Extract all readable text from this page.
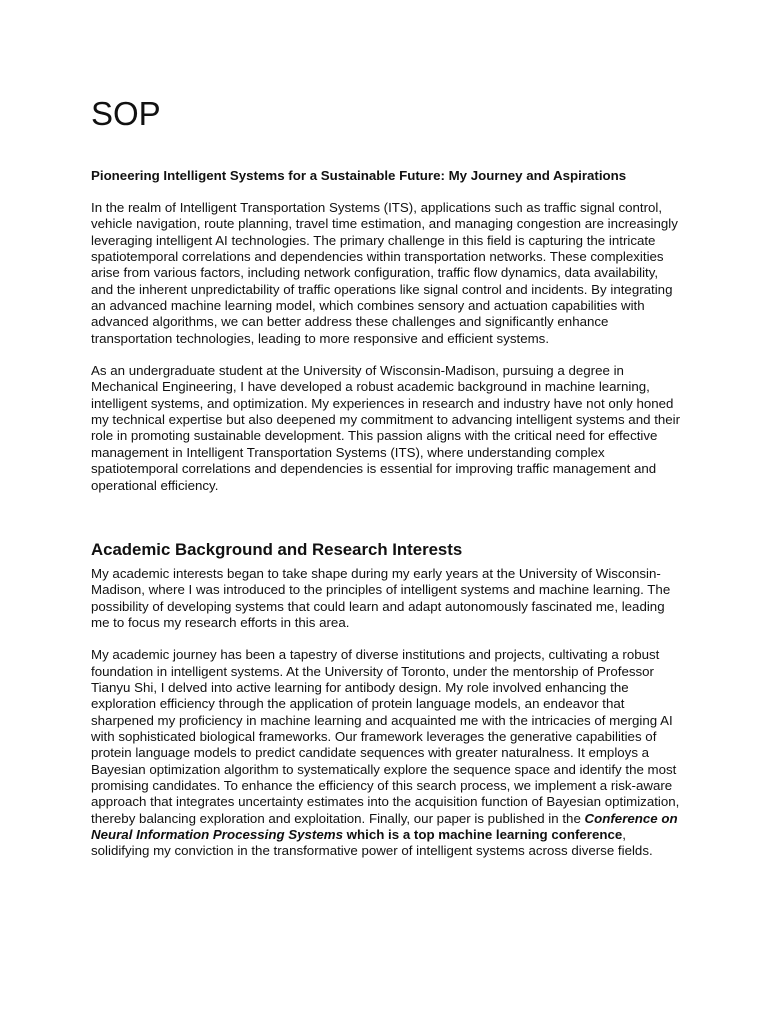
SOP
Pioneering Intelligent Systems for a Sustainable Future: My Journey and Aspirations

In the realm of Intelligent Transportation Systems (ITS), applications such as traffic signal control, vehicle navigation, route planning, travel time estimation, and managing congestion are increasingly leveraging intelligent AI technologies. The primary challenge in this field is capturing the intricate spatiotemporal correlations and dependencies within transportation networks. These complexities arise from various factors, including network configuration, traffic flow dynamics, data availability, and the inherent unpredictability of traffic operations like signal control and incidents. By integrating an advanced machine learning model, which combines sensory and actuation capabilities with advanced algorithms, we can better address these challenges and significantly enhance transportation technologies, leading to more responsive and efficient systems.

As an undergraduate student at the University of Wisconsin-Madison, pursuing a degree in Mechanical Engineering, I have developed a robust academic background in machine learning, intelligent systems, and optimization. My experiences in research and industry have not only honed my technical expertise but also deepened my commitment to advancing intelligent systems and their role in promoting sustainable development. This passion aligns with the critical need for effective management in Intelligent Transportation Systems (ITS), where understanding complex spatiotemporal correlations and dependencies is essential for improving traffic management and operational efficiency.

Academic Background and Research Interests

My academic interests began to take shape during my early years at the University of Wisconsin-Madison, where I was introduced to the principles of intelligent systems and machine learning. The possibility of developing systems that could learn and adapt autonomously fascinated me, leading me to focus my research efforts in this area.

My academic journey has been a tapestry of diverse institutions and projects, cultivating a robust foundation in intelligent systems. At the University of Toronto, under the mentorship of Professor Tianyu Shi, I delved into active learning for antibody design. My role involved enhancing the exploration efficiency through the application of protein language models, an endeavor that sharpened my proficiency in machine learning and acquainted me with the intricacies of merging AI with sophisticated biological frameworks. Our framework leverages the generative capabilities of protein language models to predict candidate sequences with greater naturalness. It employs a Bayesian optimization algorithm to systematically explore the sequence space and identify the most promising candidates. To enhance the efficiency of this search process, we implement a risk-aware approach that integrates uncertainty estimates into the acquisition function of Bayesian optimization, thereby balancing exploration and exploitation. Finally, our paper is published in the Conference on Neural Information Processing Systems which is a top machine learning conference, solidifying my conviction in the transformative power of intelligent systems across diverse fields.
